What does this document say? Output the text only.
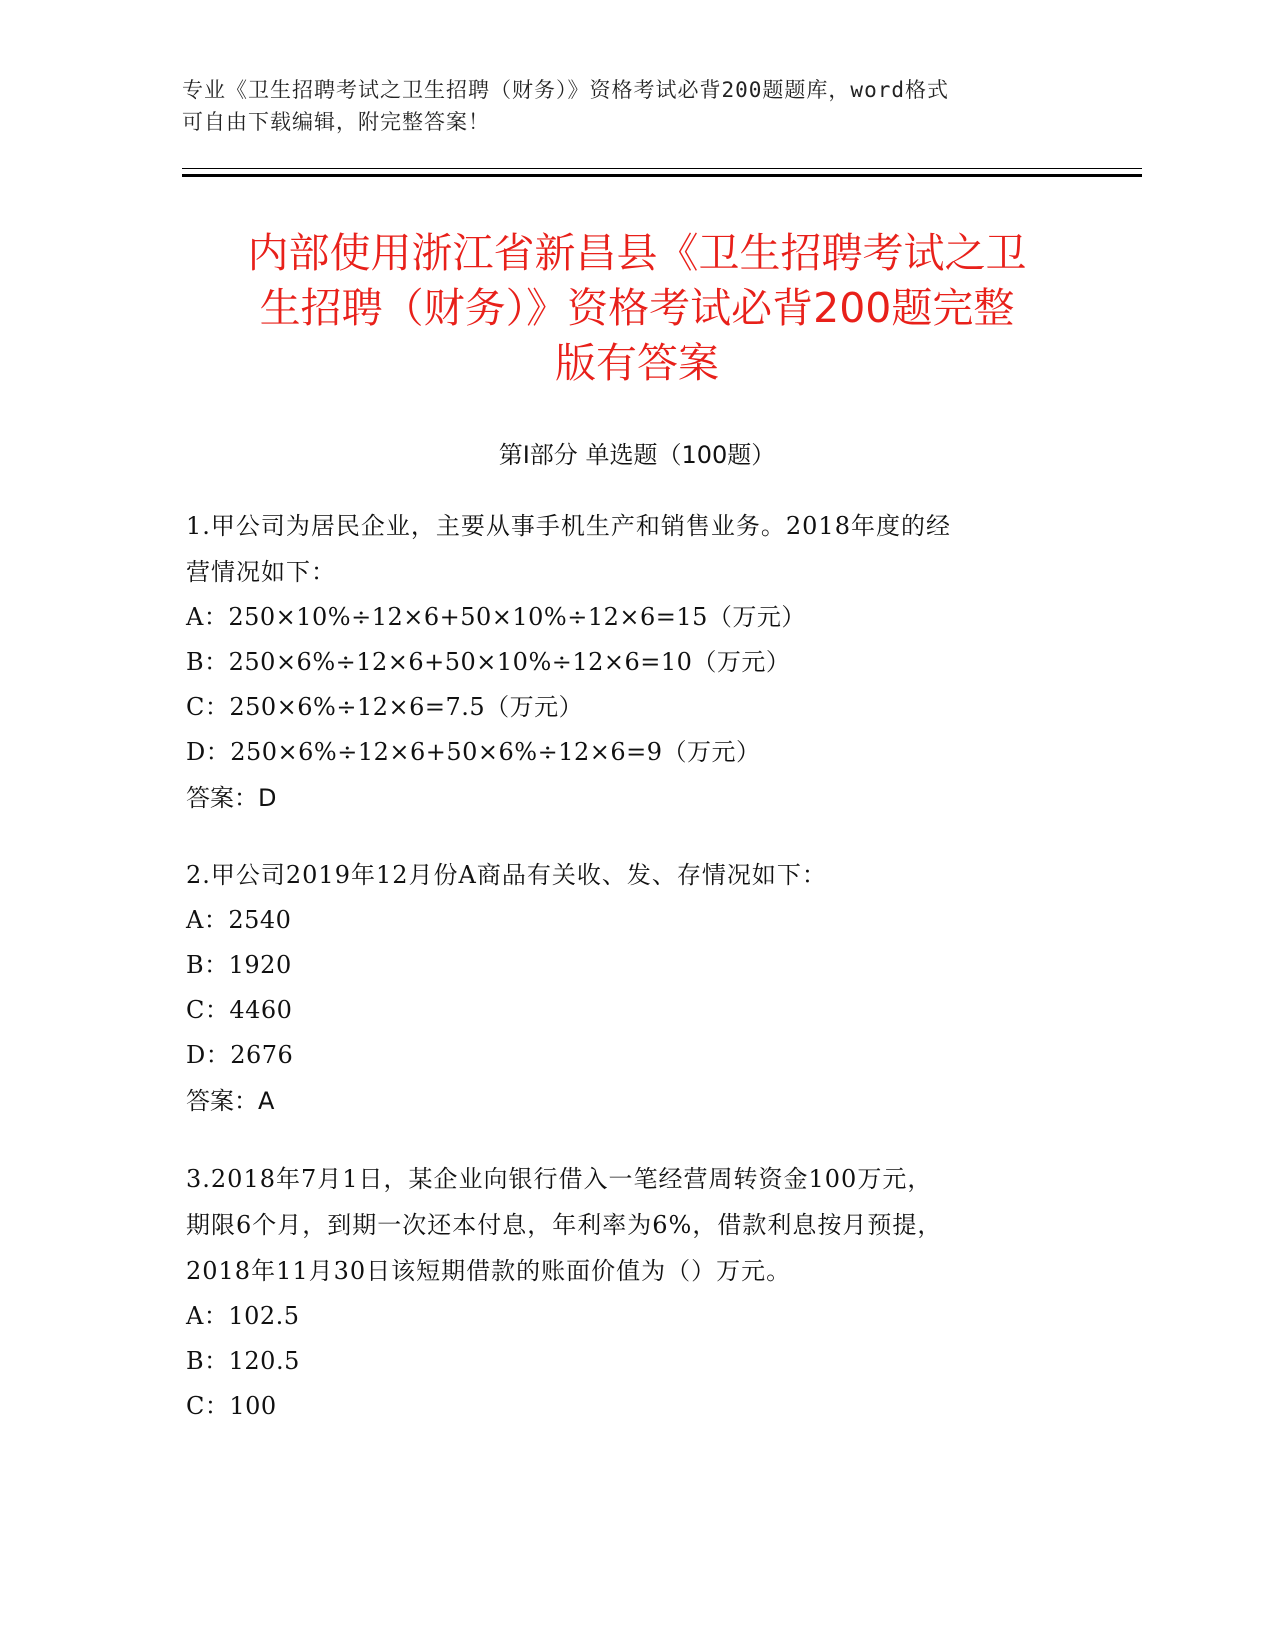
专业《卫生招聘考试之卫生招聘（财务）》资格考试必背200题题库，word格式
可自由下载编辑，附完整答案！
内部使用浙江省新昌县《卫生招聘考试之卫
生招聘（财务）》资格考试必背200题完整
版有答案
第Ⅰ部分 单选题（100题）
1.甲公司为居民企业，主要从事手机生产和销售业务。2018年度的经
营情况如下：
A：250×10%÷12×6+50×10%÷12×6=15（万元）
B：250×6%÷12×6+50×10%÷12×6=10（万元）
C：250×6%÷12×6=7.5（万元）
D：250×6%÷12×6+50×6%÷12×6=9（万元）
答案：D
2.甲公司2019年12月份A商品有关收、发、存情况如下：
A：2540
B：1920
C：4460
D：2676
答案：A
3.2018年7月1日，某企业向银行借入一笔经营周转资金100万元，
期限6个月，到期一次还本付息，年利率为6%，借款利息按月预提，
2018年11月30日该短期借款的账面价值为（）万元。
A：102.5
B：120.5
C：100
